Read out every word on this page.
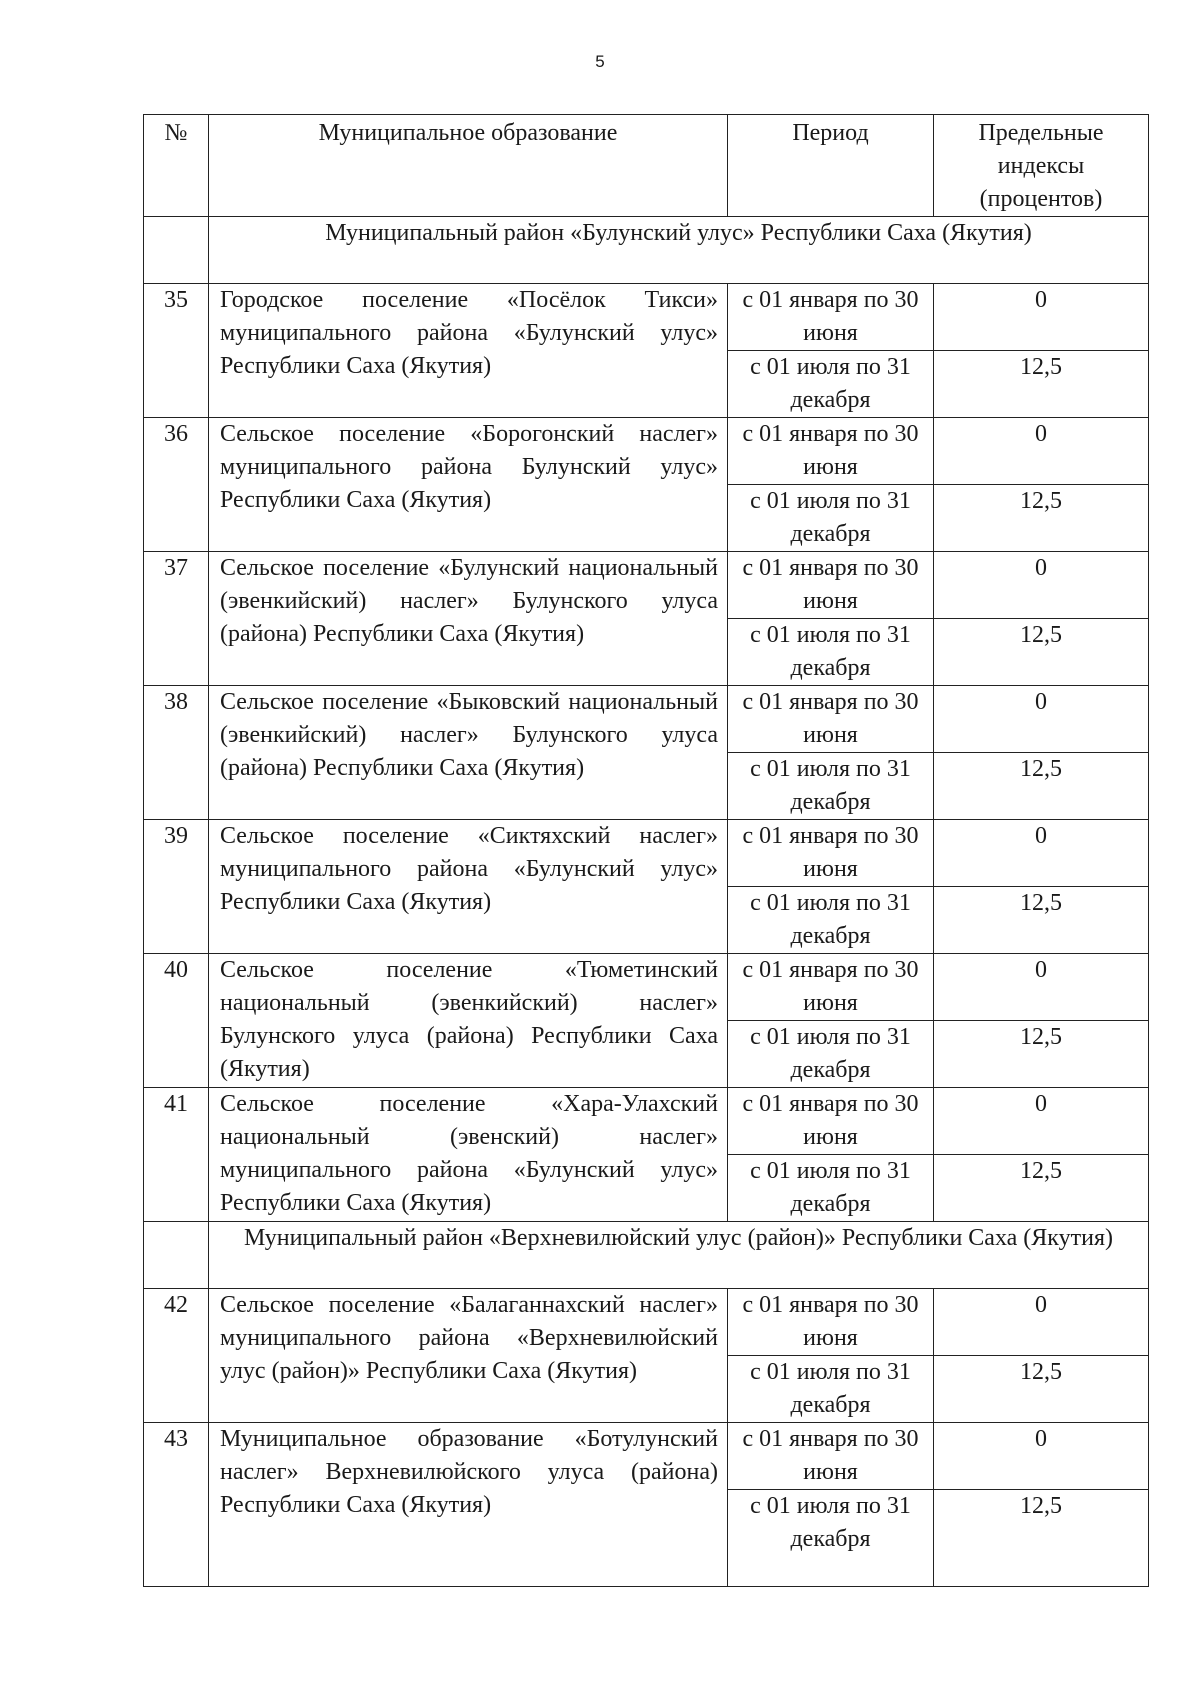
5
№	Муниципальное образование	Период	Предельные индексы (процентов)
	Муниципальный район «Булунский улус» Республики Саха (Якутия)		
35	Городское поселение «Посёлок Тикси» муниципального района «Булунский улус» Республики Саха (Якутия)	с 01 января по 30 июня	0
		с 01 июля по 31 декабря	12,5
36	Сельское поселение «Борогонский наслег» муниципального района Булунский улус» Республики Саха (Якутия)	с 01 января по 30 июня	0
		с 01 июля по 31 декабря	12,5
37	Сельское поселение «Булунский национальный (эвенкийский) наслег» Булунского улуса (района) Республики Саха (Якутия)	с 01 января по 30 июня	0
		с 01 июля по 31 декабря	12,5
38	Сельское поселение «Быковский национальный (эвенкийский) наслег» Булунского улуса (района) Республики Саха (Якутия)	с 01 января по 30 июня	0
		с 01 июля по 31 декабря	12,5
39	Сельское поселение «Сиктяхский наслег» муниципального района «Булунский улус» Республики Саха (Якутия)	с 01 января по 30 июня	0
		с 01 июля по 31 декабря	12,5
40	Сельское поселение «Тюметинский национальный (эвенкийский) наслег» Булунского улуса (района) Республики Саха (Якутия)	с 01 января по 30 июня	0
		с 01 июля по 31 декабря	12,5
41	Сельское поселение «Хара-Улахский национальный (эвенский) наслег» муниципального района «Булунский улус» Республики Саха (Якутия)	с 01 января по 30 июня	0
		с 01 июля по 31 декабря	12,5
	Муниципальный район «Верхневилюйский улус (район)» Республики Саха (Якутия)		
42	Сельское поселение «Балаганнахский наслег» муниципального района «Верхневилюйский улус (район)» Республики Саха (Якутия)	с 01 января по 30 июня	0
		с 01 июля по 31 декабря	12,5
43	Муниципальное образование «Ботулунский наслег» Верхневилюйского улуса (района) Республики Саха (Якутия)	с 01 января по 30 июня	0
		с 01 июля по 31 декабря	12,5
